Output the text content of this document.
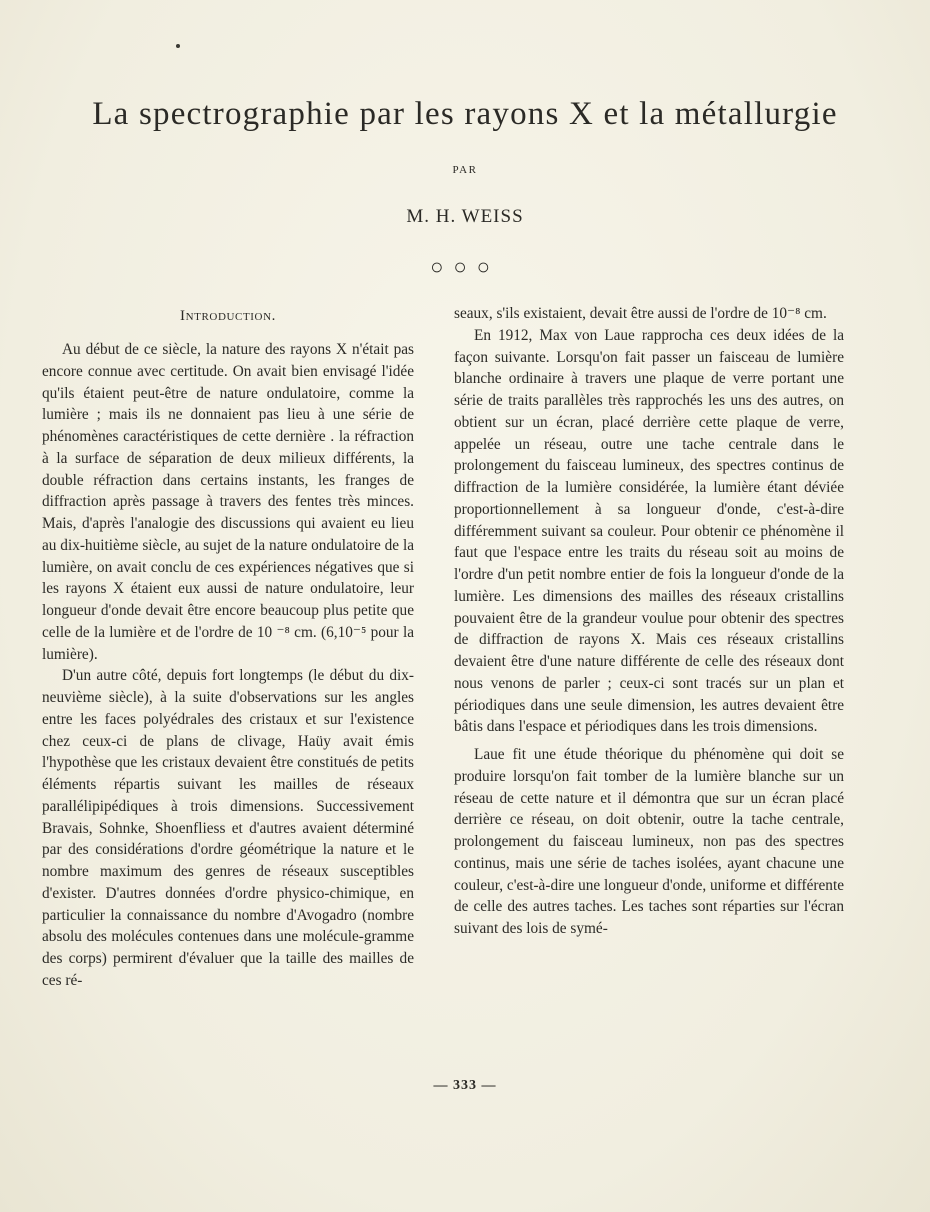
La spectrographie par les rayons X et la métallurgie
PAR
M. H. WEISS
○○○
Introduction.

Au début de ce siècle, la nature des rayons X n'était pas encore connue avec certitude. On avait bien envisagé l'idée qu'ils étaient peut-être de nature ondulatoire, comme la lumière ; mais ils ne donnaient pas lieu à une série de phénomènes caractéristiques de cette dernière . la réfraction à la surface de séparation de deux milieux différents, la double réfraction dans certains instants, les franges de diffraction après passage à travers des fentes très minces. Mais, d'après l'analogie des discussions qui avaient eu lieu au dix-huitième siècle, au sujet de la nature ondulatoire de la lumière, on avait conclu de ces expériences négatives que si les rayons X étaient eux aussi de nature ondulatoire, leur longueur d'onde devait être encore beaucoup plus petite que celle de la lumière et de l'ordre de 10 ⁻⁸ cm. (6,10⁻⁵ pour la lumière).

D'un autre côté, depuis fort longtemps (le début du dix-neuvième siècle), à la suite d'observations sur les angles entre les faces polyédrales des cristaux et sur l'existence chez ceux-ci de plans de clivage, Haüy avait émis l'hypothèse que les cristaux devaient être constitués de petits éléments répartis suivant les mailles de réseaux parallélipipédiques à trois dimensions. Successivement Bravais, Sohnke, Shoenfliess et d'autres avaient déterminé par des considérations d'ordre géométrique la nature et le nombre maximum des genres de réseaux susceptibles d'exister. D'autres données d'ordre physico-chimique, en particulier la connaissance du nombre d'Avogadro (nombre absolu des molécules contenues dans une molécule-gramme des corps) permirent d'évaluer que la taille des mailles de ces ré-

seaux, s'ils existaient, devait être aussi de l'ordre de 10⁻⁸ cm.

En 1912, Max von Laue rapprocha ces deux idées de la façon suivante. Lorsqu'on fait passer un faisceau de lumière blanche ordinaire à travers une plaque de verre portant une série de traits parallèles très rapprochés les uns des autres, on obtient sur un écran, placé derrière cette plaque de verre, appelée un réseau, outre une tache centrale dans le prolongement du faisceau lumineux, des spectres continus de diffraction de la lumière considérée, la lumière étant déviée proportionnellement à sa longueur d'onde, c'est-à-dire différemment suivant sa couleur. Pour obtenir ce phénomène il faut que l'espace entre les traits du réseau soit au moins de l'ordre d'un petit nombre entier de fois la longueur d'onde de la lumière. Les dimensions des mailles des réseaux cristallins pouvaient être de la grandeur voulue pour obtenir des spectres de diffraction de rayons X. Mais ces réseaux cristallins devaient être d'une nature différente de celle des réseaux dont nous venons de parler ; ceux-ci sont tracés sur un plan et périodiques dans une seule dimension, les autres devaient être bâtis dans l'espace et périodiques dans les trois dimensions.

Laue fit une étude théorique du phénomène qui doit se produire lorsqu'on fait tomber de la lumière blanche sur un réseau de cette nature et il démontra que sur un écran placé derrière ce réseau, on doit obtenir, outre la tache centrale, prolongement du faisceau lumineux, non pas des spectres continus, mais une série de taches isolées, ayant chacune une couleur, c'est-à-dire une longueur d'onde, uniforme et différente de celle des autres taches. Les taches sont réparties sur l'écran suivant des lois de symé-

— 333 —
